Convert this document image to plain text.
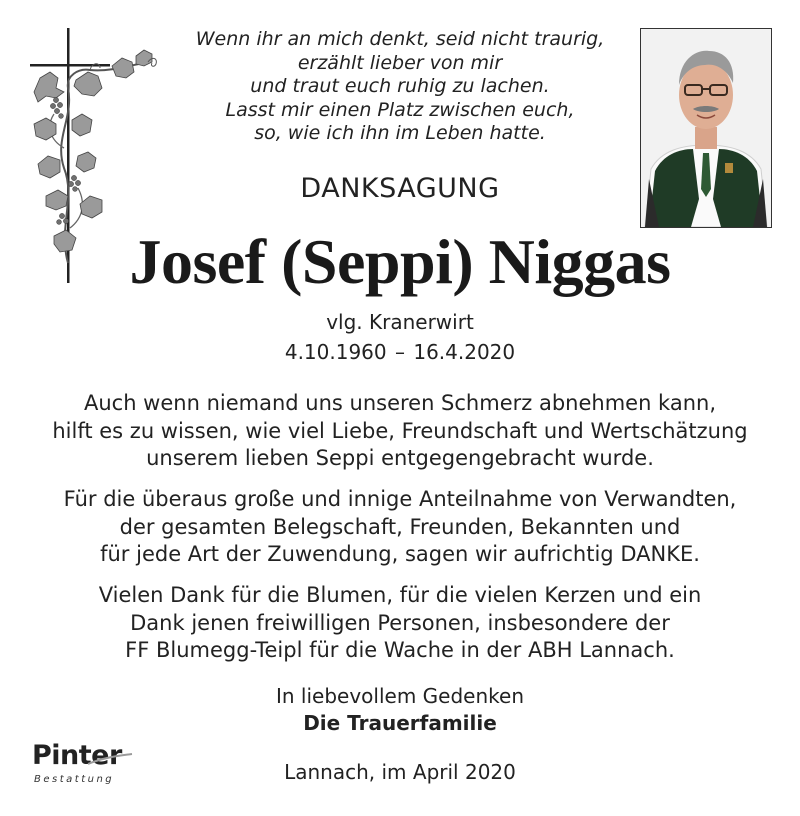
Wenn ihr an mich denkt, seid nicht traurig,
erzählt lieber von mir
und traut euch ruhig zu lachen.
Lasst mir einen Platz zwischen euch,
so, wie ich ihn im Leben hatte.
DANKSAGUNG
Josef (Seppi) Niggas
vlg. Kranerwirt
4.10.1960 – 16.4.2020
Auch wenn niemand uns unseren Schmerz abnehmen kann,
hilft es zu wissen, wie viel Liebe, Freundschaft und Wertschätzung
unserem lieben Seppi entgegengebracht wurde.
Für die überaus große und innige Anteilnahme von Verwandten,
der gesamten Belegschaft, Freunden, Bekannten und
für jede Art der Zuwendung, sagen wir aufrichtig DANKE.
Vielen Dank für die Blumen, für die vielen Kerzen und ein
Dank jenen freiwilligen Personen, insbesondere der
FF Blumegg-Teipl für die Wache in der ABH Lannach.
In liebevollem Gedenken
Die Trauerfamilie
Lannach, im April 2020
Pinter
Bestattung
